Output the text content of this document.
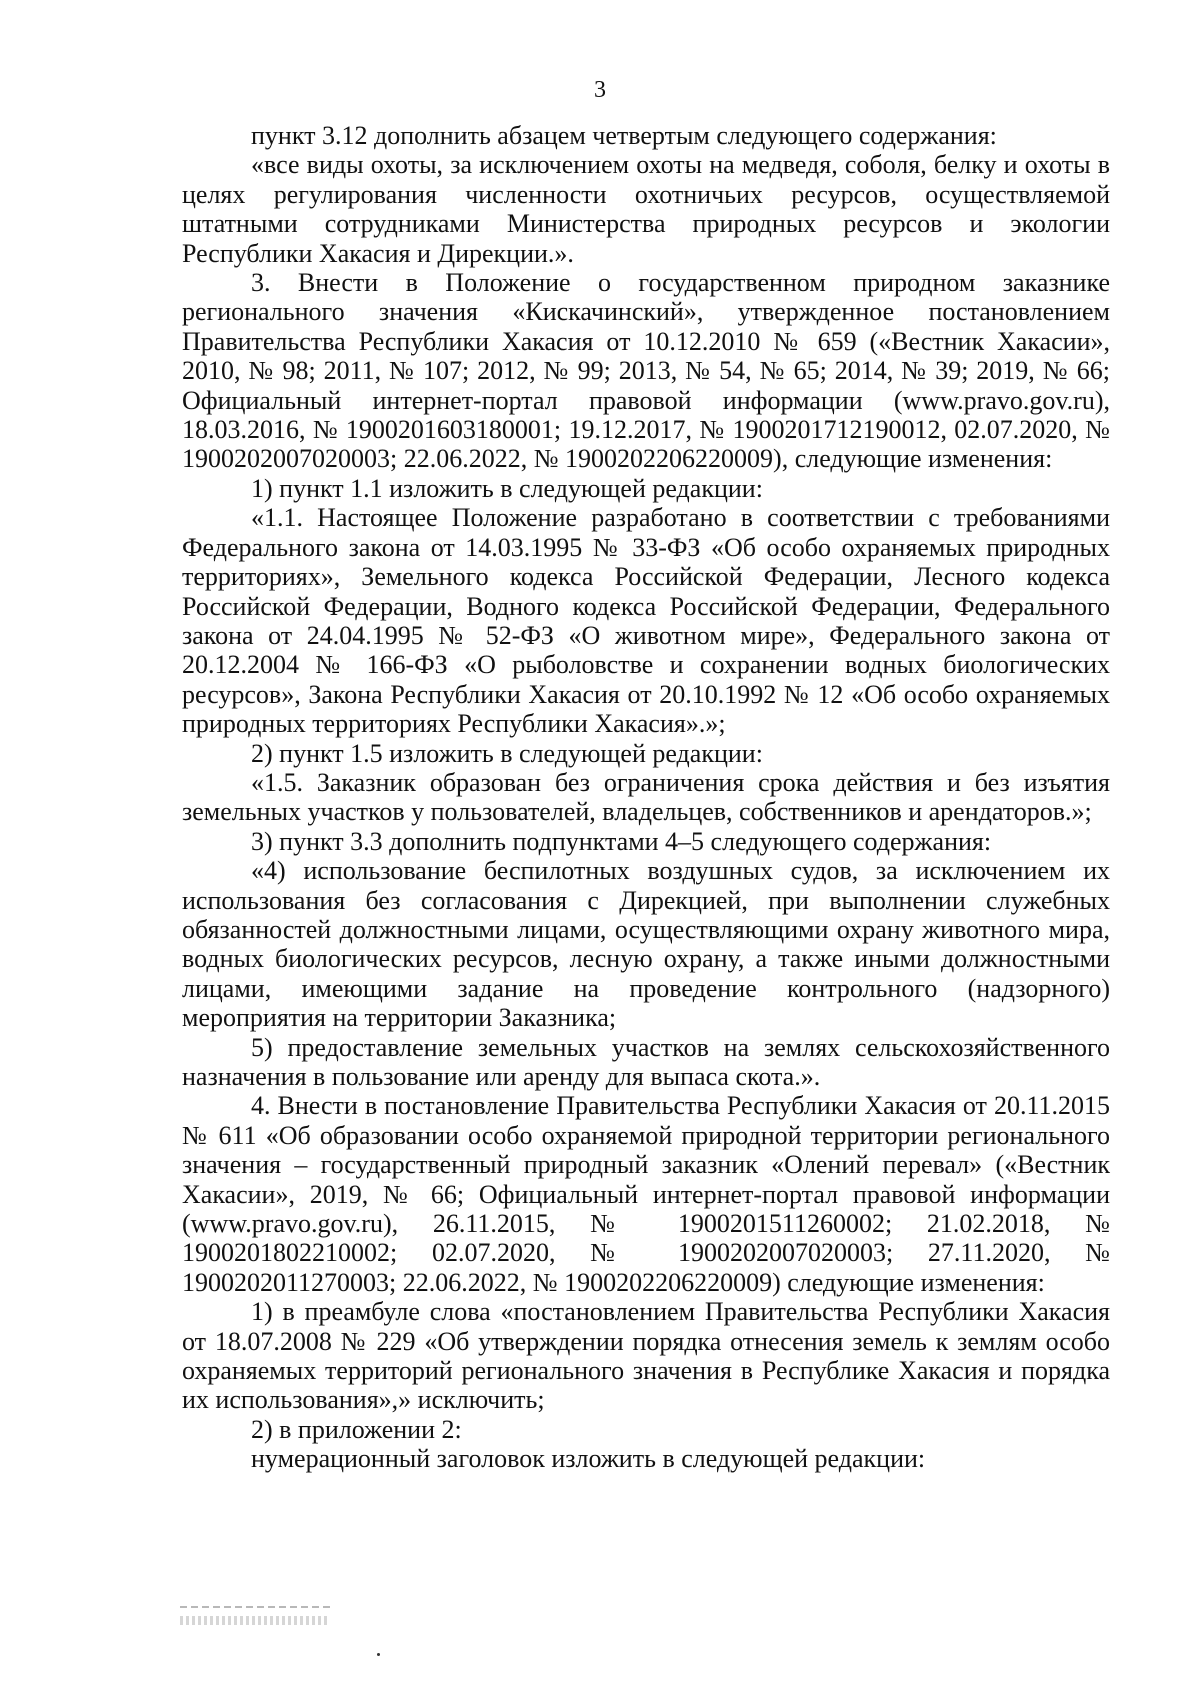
3

пункт 3.12 дополнить абзацем четвертым следующего содержания:

«все виды охоты, за исключением охоты на медведя, соболя, белку и охоты в целях регулирования численности охотничьих ресурсов, осуществляемой штатными сотрудниками Министерства природных ресурсов и экологии Республики Хакасия и Дирекции.».

3. Внести в Положение о государственном природном заказнике регионального значения «Кискачинский», утвержденное постановлением Правительства Республики Хакасия от 10.12.2010 № 659 («Вестник Хакасии», 2010, № 98; 2011, № 107; 2012, № 99; 2013, № 54, № 65; 2014, № 39; 2019, № 66; Официальный интернет-портал правовой информации (www.pravo.gov.ru), 18.03.2016, № 1900201603180001; 19.12.2017, № 1900201712190012, 02.07.2020, № 1900202007020003; 22.06.2022, № 1900202206220009), следующие изменения:

1) пункт 1.1 изложить в следующей редакции:

«1.1. Настоящее Положение разработано в соответствии с требованиями Федерального закона от 14.03.1995 № 33-ФЗ «Об особо охраняемых природных территориях», Земельного кодекса Российской Федерации, Лесного кодекса Российской Федерации, Водного кодекса Российской Федерации, Федерального закона от 24.04.1995 № 52-ФЗ «О животном мире», Федерального закона от 20.12.2004 № 166-ФЗ «О рыболовстве и сохранении водных биологических ресурсов», Закона Республики Хакасия от 20.10.1992 № 12 «Об особо охраняемых природных территориях Республики Хакасия».»;

2) пункт 1.5 изложить в следующей редакции:

«1.5. Заказник образован без ограничения срока действия и без изъятия земельных участков у пользователей, владельцев, собственников и арендаторов.»;

3) пункт 3.3 дополнить подпунктами 4–5 следующего содержания:

«4) использование беспилотных воздушных судов, за исключением их использования без согласования с Дирекцией, при выполнении служебных обязанностей должностными лицами, осуществляющими охрану животного мира, водных биологических ресурсов, лесную охрану, а также иными должностными лицами, имеющими задание на проведение контрольного (надзорного) мероприятия на территории Заказника;

5) предоставление земельных участков на землях сельскохозяйственного назначения в пользование или аренду для выпаса скота.».

4. Внести в постановление Правительства Республики Хакасия от 20.11.2015 № 611 «Об образовании особо охраняемой природной территории регионального значения – государственный природный заказник «Олений перевал» («Вестник Хакасии», 2019, № 66; Официальный интернет-портал правовой информации (www.pravo.gov.ru), 26.11.2015, № 1900201511260002; 21.02.2018, № 1900201802210002; 02.07.2020, № 1900202007020003; 27.11.2020, № 1900202011270003; 22.06.2022, № 1900202206220009) следующие изменения:

1) в преамбуле слова «постановлением Правительства Республики Хакасия от 18.07.2008 № 229 «Об утверждении порядка отнесения земель к землям особо охраняемых территорий регионального значения в Республике Хакасия и порядка их использования»,» исключить;

2) в приложении 2:

нумерационный заголовок изложить в следующей редакции:
